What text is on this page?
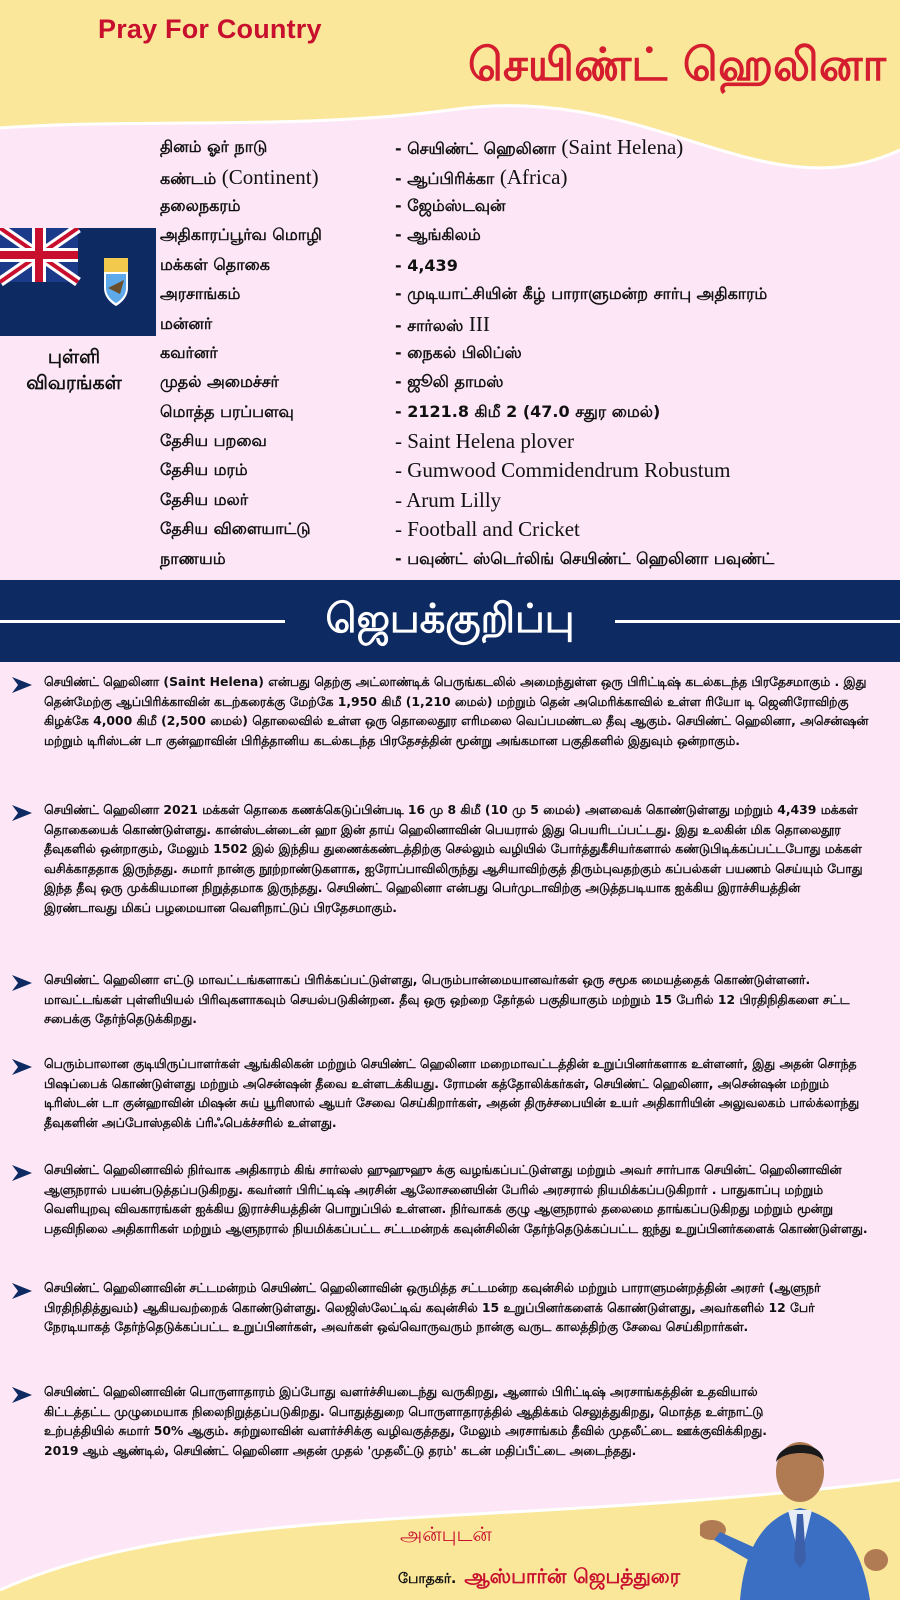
Pray For Country
செயிண்ட் ஹெலினா
புள்ளி
விவரங்கள்
தினம் ஓர் நாடு	- செயிண்ட் ஹெலினா (Saint Helena)
கண்டம் (Continent)	- ஆப்பிரிக்கா (Africa)
தலைநகரம்	- ஜேம்ஸ்டவுன்
அதிகாரப்பூர்வ மொழி	- ஆங்கிலம்
மக்கள் தொகை	- 4,439
அரசாங்கம்	- முடியாட்சியின் கீழ் பாராளுமன்ற சார்பு அதிகாரம்
மன்னர்	- சார்லஸ் III
கவர்னர்	- நைகல் பிலிப்ஸ்
முதல் அமைச்சர்	- ஜூலி தாமஸ்
மொத்த பரப்பளவு	- 2121.8 கிமீ 2 (47.0 சதுர மைல்)
தேசிய பறவை	- Saint Helena plover
தேசிய மரம்	- Gumwood Commidendrum Robustum
தேசிய மலர்	- Arum Lilly
தேசிய விளையாட்டு	- Football and Cricket
நாணயம்	- பவுண்ட் ஸ்டெர்லிங் செயிண்ட் ஹெலினா பவுண்ட்
ஜெபக்குறிப்பு
செயிண்ட் ஹெலினா (Saint Helena) என்பது தெற்கு அட்லாண்டிக் பெருங்கடலில் அமைந்துள்ள ஒரு பிரிட்டிஷ் கடல்கடந்த பிரதேசமாகும் . இது தென்மேற்கு ஆப்பிரிக்காவின் கடற்கரைக்கு மேற்கே 1,950 கிமீ (1,210 மைல்) மற்றும் தென் அமெரிக்காவில் உள்ள ரியோ டி ஜெனிரோவிற்கு கிழக்கே 4,000 கிமீ (2,500 மைல்) தொலைவில் உள்ள ஒரு தொலைதூர எரிமலை வெப்பமண்டல தீவு ஆகும். செயிண்ட் ஹெலினா, அசென்ஷன் மற்றும் டிரிஸ்டன் டா குன்ஹாவின் பிரித்தானிய கடல்கடந்த பிரதேசத்தின் மூன்று அங்கமான பகுதிகளில் இதுவும் ஒன்றாகும்.
செயிண்ட் ஹெலினா 2021 மக்கள் தொகை கணக்கெடுப்பின்படி 16 மு 8 கிமீ (10 மு 5 மைல்) அளவைக் கொண்டுள்ளது மற்றும் 4,439 மக்கள் தொகையைக் கொண்டுள்ளது. கான்ஸ்டன்டைன் ஹா இன் தாய் ஹெலினாவின் பெயரால் இது பெயரிடப்பட்டது. இது உலகின் மிக தொலைதூர தீவுகளில் ஒன்றாகும், மேலும் 1502 இல் இந்திய துணைக்கண்டத்திற்கு செல்லும் வழியில் போர்த்துகீசியர்களால் கண்டுபிடிக்கப்பட்டபோது மக்கள் வசிக்காததாக இருந்தது. சுமார் நான்கு நூற்றாண்டுகளாக, ஐரோப்பாவிலிருந்து ஆசியாவிற்குத் திரும்புவதற்கும் கப்பல்கள் பயணம் செய்யும் போது இந்த தீவு ஒரு முக்கியமான நிறுத்தமாக இருந்தது. செயிண்ட் ஹெலினா என்பது பெர்முடாவிற்கு அடுத்தபடியாக ஐக்கிய இராச்சியத்தின் இரண்டாவது மிகப் பழமையான வெளிநாட்டுப் பிரதேசமாகும்.
செயிண்ட் ஹெலினா எட்டு மாவட்டங்களாகப் பிரிக்கப்பட்டுள்ளது, பெரும்பான்மையானவர்கள் ஒரு சமூக மையத்தைக் கொண்டுள்ளனர். மாவட்டங்கள் புள்ளியியல் பிரிவுகளாகவும் செயல்படுகின்றன. தீவு ஒரு ஒற்றை தேர்தல் பகுதியாகும் மற்றும் 15 பேரில் 12 பிரதிநிதிகளை சட்ட சபைக்கு தேர்ந்தெடுக்கிறது.
பெரும்பாலான குடியிருப்பாளர்கள் ஆங்கிலிகன் மற்றும் செயிண்ட் ஹெலினா மறைமாவட்டத்தின் உறுப்பினர்களாக உள்ளனர், இது அதன் சொந்த பிஷப்பைக் கொண்டுள்ளது மற்றும் அசென்ஷன் தீவை உள்ளடக்கியது. ரோமன் கத்தோலிக்கர்கள், செயிண்ட் ஹெலினா, அசென்ஷன் மற்றும் டிரிஸ்டன் டா குன்ஹாவின் மிஷன் சுய் யூரிஸால் ஆயர் சேவை செய்கிறார்கள், அதன் திருச்சபையின் உயர் அதிகாரியின் அலுவலகம் பால்க்லாந்து தீவுகளின் அப்போஸ்தலிக் ப்ரிஃபெக்ச்சரில் உள்ளது.
செயிண்ட் ஹெலினாவில் நிர்வாக அதிகாரம் கிங் சார்லஸ் ஹுஹுஹு க்கு வழங்கப்பட்டுள்ளது மற்றும் அவர் சார்பாக செயின்ட் ஹெலினாவின் ஆளுநரால் பயன்படுத்தப்படுகிறது. கவர்னர் பிரிட்டிஷ் அரசின் ஆலோசனையின் பேரில் அரசரால் நியமிக்கப்படுகிறார் . பாதுகாப்பு மற்றும் வெளியுறவு விவகாரங்கள் ஐக்கிய இராச்சியத்தின் பொறுப்பில் உள்ளன. நிர்வாகக் குழு ஆளுநரால் தலைமை தாங்கப்படுகிறது மற்றும் மூன்று பதவிநிலை அதிகாரிகள் மற்றும் ஆளுநரால் நியமிக்கப்பட்ட சட்டமன்றக் கவுன்சிலின் தேர்ந்தெடுக்கப்பட்ட ஐந்து உறுப்பினர்களைக் கொண்டுள்ளது.
செயிண்ட் ஹெலினாவின் சட்டமன்றம் செயிண்ட் ஹெலினாவின் ஒருமித்த சட்டமன்ற கவுன்சில் மற்றும் பாராளுமன்றத்தின் அரசர் (ஆளுநர் பிரதிநிதித்துவம்) ஆகியவற்றைக் கொண்டுள்ளது. லெஜிஸ்லேட்டிவ் கவுன்சில் 15 உறுப்பினர்களைக் கொண்டுள்ளது, அவர்களில் 12 பேர் நேரடியாகத் தேர்ந்தெடுக்கப்பட்ட உறுப்பினர்கள், அவர்கள் ஒவ்வொருவரும் நான்கு வருட காலத்திற்கு சேவை செய்கிறார்கள்.
செயிண்ட் ஹெலினாவின் பொருளாதாரம் இப்போது வளர்ச்சியடைந்து வருகிறது, ஆனால் பிரிட்டிஷ் அரசாங்கத்தின் உதவியால் கிட்டத்தட்ட முழுமையாக நிலைநிறுத்தப்படுகிறது. பொதுத்துறை பொருளாதாரத்தில் ஆதிக்கம் செலுத்துகிறது, மொத்த உள்நாட்டு உற்பத்தியில் சுமார் 50% ஆகும். சுற்றுலாவின் வளர்ச்சிக்கு வழிவகுத்தது, மேலும் அரசாங்கம் தீவில் முதலீட்டை ஊக்குவிக்கிறது. 2019 ஆம் ஆண்டில், செயிண்ட் ஹெலினா அதன் முதல் 'முதலீட்டு தரம்' கடன் மதிப்பீட்டை அடைந்தது.
அன்புடன்
போதகர். ஆஸ்பார்ன் ஜெபத்துரை
